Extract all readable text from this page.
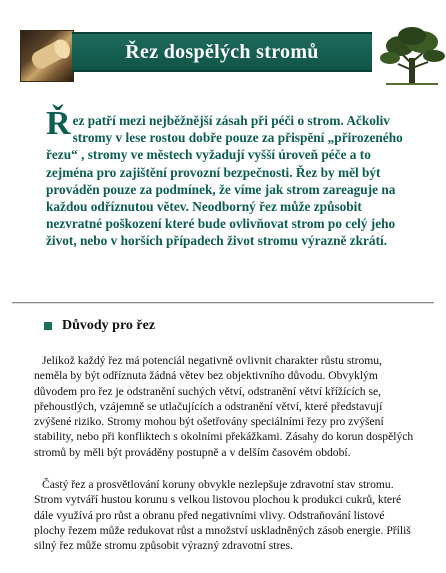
Řez dospělých stromů
Ř ez patří mezi nejběžnější zásah při péči o strom. Ačkoliv stromy v lese rostou dobře pouze za přispění „přirozeného řezu“ , stromy ve městech vyžadují vyšší úroveň péče a to zejména pro zajištění provozní bezpečnosti. Řez by měl být prováděn pouze za podmínek, že víme jak strom zareaguje na každou odříznutou větev. Neodborný řez může způsobit nezvratné poškození které bude ovlivňovat strom po celý jeho život, nebo v horších případech život stromu výrazně zkrátí.
Důvody pro řez

Jelikož každý řez má potenciál negativně ovlivnit charakter růstu stromu, neměla by být odříznuta žádná větev bez objektivního důvodu. Obvyklým důvodem pro řez je odstranění suchých větví, odstranění větví křížících se, přehoustlých, vzájemně se utlačujících a odstranění větví, které představují zvýšené riziko. Stromy mohou být ošetřovány speciálními řezy pro zvýšení stability, nebo při konfliktech s okolními překážkami. Zásahy do korun dospělých stromů by měli být prováděny postupně a v delším časovém období.

Častý řez a prosvětlování koruny obvykle nezlepšuje zdravotní stav stromu. Strom vytváří hustou korunu s velkou listovou plochou k produkci cukrů, které dále využívá pro růst a obranu před negativními vlivy. Odstraňování listové plochy řezem může redukovat růst a množství uskladněných zásob energie. Příliš silný řez může stromu způsobit výrazný zdravotní stres.
